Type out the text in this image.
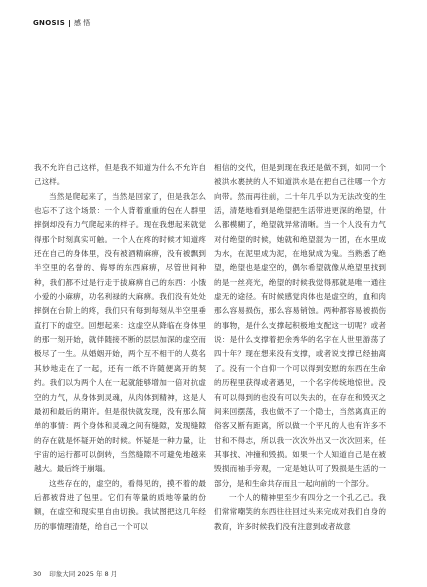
GNOSIS 感 悟

我不允许自己这样，但是我不知道为什么不允许自己这样。

当然是爬起来了，当然是回家了，但是我怎么也忘不了这个场景：一个人背着重重的包在人群里摔倒却没有力气爬起来的样子。现在我想起来就觉得那个时刻真实可触。一个人在疼的时候才知道疼还在自己的身体里，没有被酒精麻痹，没有被飘到半空里的名誉的、侮辱的东西麻痹，尽管世间种种，我们都不过是行走于拔麻痹自己的东西：小饿小爱的小麻痹，功名利禄的大麻痹。我们没有处处摔倒在台阶上的疼，我们只有每到每刻从半空里垂直打下的虚空。回想起来：这虚空从降临在身体里的那一刻开始，就伴随接不断的层层加深的虚空而极尽了一生。从婚姻开始，两个互不相干的人莫名其妙地走在了一起，还有一纸不许随便离开的契约。我们以为两个人在一起就能够增加一倍对抗虚空的力气，从身体到灵魂，从肉体到精神，这是人最初和最后的期许。但是很快就发现，没有那么简单的事情：两个身体和灵魂之间有缝隙，发现缝隙的存在就是怀疑开始的时候。怀疑是一种力量，让宇宙的运行都可以倒转，当然缝隙不可避免地越来越大。最后终于崩塌。

这些存在的，虚空的，看得见的，摸不着的最后都被背进了包里。它们有等量的质地等量的份额，在虚空和现实里自由切换。我试图把这几年经历的事情理清楚，给自己一个可以

相信的交代，但是到现在我还是做不到，如同一个被洪水裹挟的人不知道洪水是在把自己往哪一个方向带。然而再往前，二十年几乎以为无法改变的生活，清楚地看到是绝望把生活带进更深的绝望，什么都模糊了，绝望就异常清晰。当一个人没有力气对付绝望的时候，她就和绝望混为一团，在水里成为水，在泥里成为泥，在地狱成为鬼。当熟悉了绝望，绝望也是虚空的，偶尔希望就像从绝望里找到的是一丝亮光，绝望的时候我觉得那就是唯一通往虚无的途径。有时候感觉肉体也是虚空的，血和肉那么容易损伤，那么容易销蚀。两种都容易被损伤的事物，是什么支撑起积极地支配这一切呢？或者说：是什么支撑着把余秀华的名字在人世里游荡了四十年？现在想来没有支撑，或者说支撑已经抽离了。没有一个自仰一个可以得到安慰的东西在生命的历程里获得或者遇见，一个名字传统地惊世。没有可以得到的也没有可以失去的，在存在和毁灭之间来回摆荡，我也做不了一个隐士，当然离真正的俗客又断有距离，所以做一个平凡的人也有许多不甘和不得志，所以我一次次外出又一次次回来，任其事找、冲撞和毁损。如果一个人知道自己是在被毁损而袖手旁观，一定是她认可了毁损是生活的一部分，是和生命共存而且一起向前的一个部分。

一个人的精神里至少有四分之一个孔乙己。我们常常嘲笑的东西往往回过头来完成对我们自身的教育，许多时候我们没有注意到或者故意

30 印象大同 2025 年 8 月
